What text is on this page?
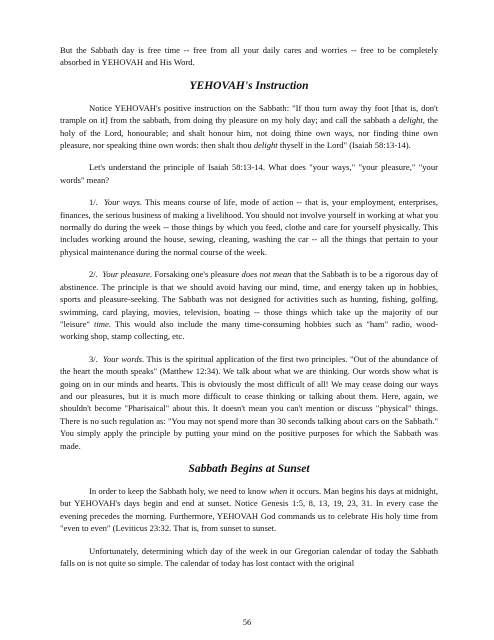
But the Sabbath day is free time -- free from all your daily cares and worries -- free to be completely absorbed in YEHOVAH and His Word.

YEHOVAH's Instruction

Notice YEHOVAH's positive instruction on the Sabbath: "If thou turn away thy foot [that is, don't trample on it] from the sabbath, from doing thy pleasure on my holy day; and call the sabbath a delight, the holy of the Lord, honourable; and shalt honour him, not doing thine own ways, nor finding thine own pleasure, nor speaking thine own words: then shalt thou delight thyself in the Lord" (Isaiah 58:13-14).

Let's understand the principle of Isaiah 58:13-14. What does "your ways," "your pleasure," "your words" mean?

1/. Your ways. This means course of life, mode of action -- that is, your employment, enterprises, finances, the serious business of making a livelihood. You should not involve yourself in working at what you normally do during the week -- those things by which you feed, clothe and care for yourself physically. This includes working around the house, sewing, cleaning, washing the car -- all the things that pertain to your physical maintenance during the normal course of the week.

2/. Your pleasure. Forsaking one's pleasure does not mean that the Sabbath is to be a rigorous day of abstinence. The principle is that we should avoid having our mind, time, and energy taken up in hobbies, sports and pleasure-seeking. The Sabbath was not designed for activities such as hunting, fishing, golfing, swimming, card playing, movies, television, boating -- those things which take up the majority of our "leisure" time. This would also include the many time-consuming hobbies such as "ham" radio, wood-working shop, stamp collecting, etc.

3/. Your words. This is the spiritual application of the first two principles. "Out of the abundance of the heart the mouth speaks" (Matthew 12:34). We talk about what we are thinking. Our words show what is going on in our minds and hearts. This is obviously the most difficult of all! We may cease doing our ways and our pleasures, but it is much more difficult to cease thinking or talking about them. Here, again, we shouldn't become "Pharisaical" about this. It doesn't mean you can't mention or discuss "physical" things. There is no such regulation as: "You may not spend more than 30 seconds talking about cars on the Sabbath." You simply apply the principle by putting your mind on the positive purposes for which the Sabbath was made.

Sabbath Begins at Sunset

In order to keep the Sabbath holy, we need to know when it occurs. Man begins his days at midnight, but YEHOVAH's days begin and end at sunset. Notice Genesis 1:5, 8, 13, 19, 23, 31. In every case the evening precedes the morning. Furthermore, YEHOVAH God commands us to celebrate His holy time from "even to even" (Leviticus 23:32. That is, from sunset to sunset.

Unfortunately, determining which day of the week in our Gregorian calendar of today the Sabbath falls on is not quite so simple. The calendar of today has lost contact with the original

56
